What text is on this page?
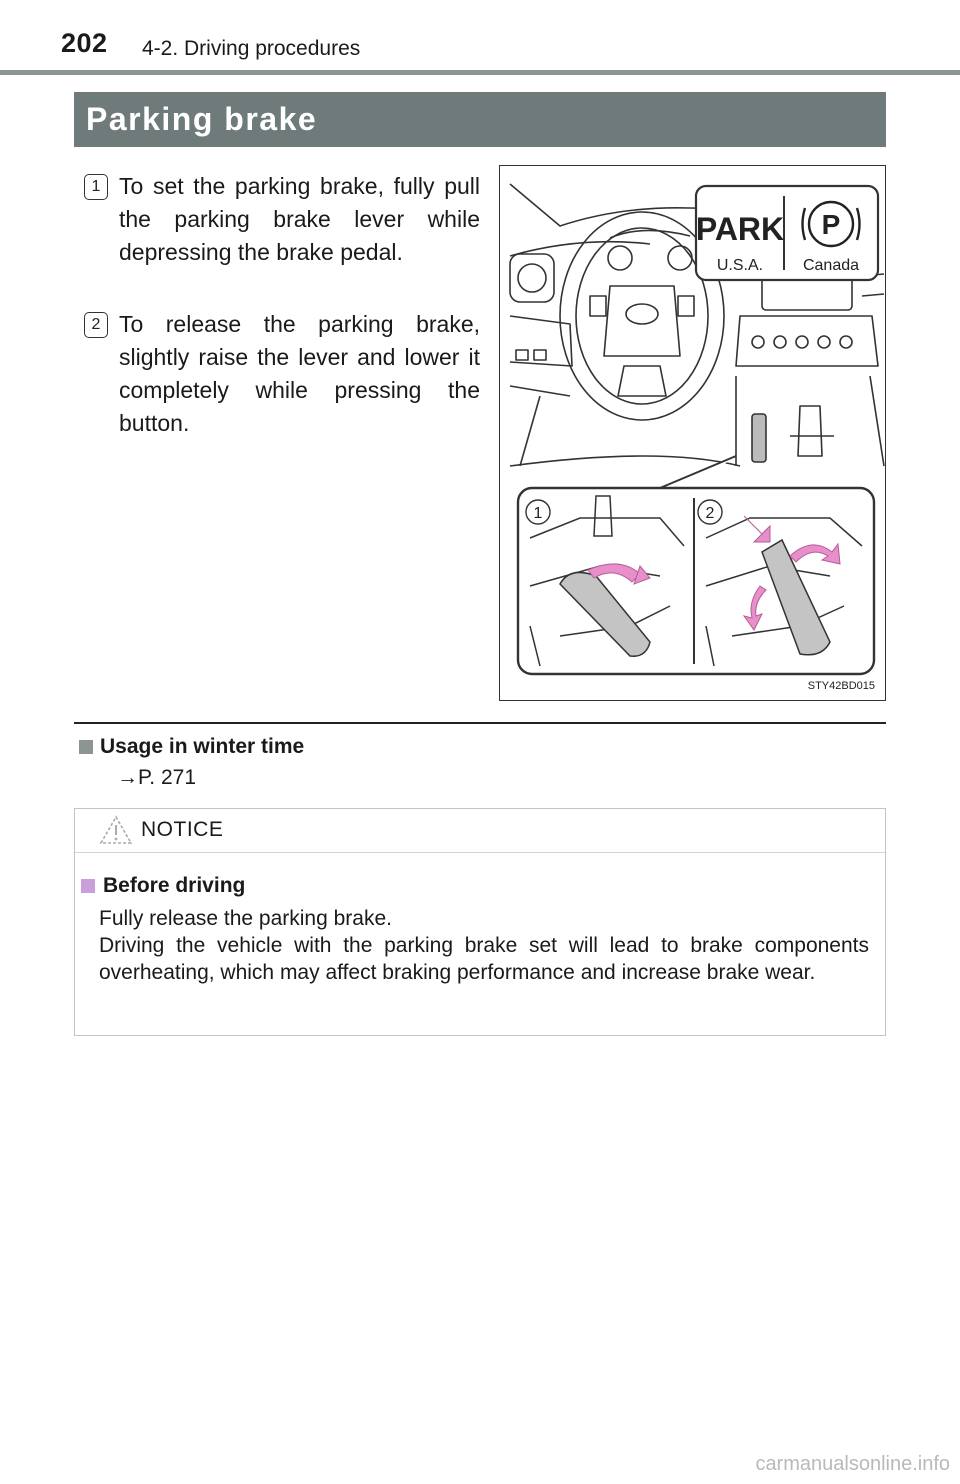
202 4-2. Driving procedures
Parking brake
1 To set the parking brake, fully pull the parking brake lever while depressing the brake pedal.
2 To release the parking brake, slightly raise the lever and lower it completely while pressing the button.
PARK
U.S.A.
P
Canada
1	2
STY42BD015
Usage in winter time
→P. 271
NOTICE
Before driving
Fully release the parking brake.
Driving the vehicle with the parking brake set will lead to brake components overheating, which may affect braking performance and increase brake wear.
carmanualsonline.info
